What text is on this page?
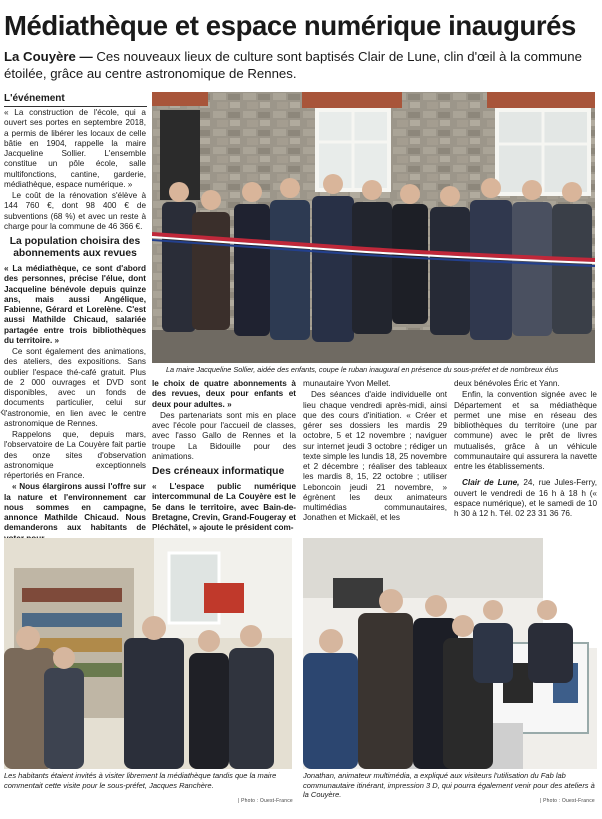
Médiathèque et espace numérique inaugurés
La Couyère — Ces nouveaux lieux de culture sont baptisés Clair de Lune, clin d'œil à la commune étoilée, grâce au centre astronomique de Rennes.
L'événement

« La construction de l'école, qui a ouvert ses portes en septembre 2018, a permis de libérer les locaux de celle bâtie en 1904, rappelle la maire Jacqueline Sollier. L'ensemble constitue un pôle école, salle multifonctions, cantine, garderie, médiathèque, espace numérique. »

Le coût de la rénovation s'élève à 144 760 €, dont 98 400 € de subventions (68 %) et avec un reste à charge pour la commune de 46 366 €.

La population choisira des abonnements aux revues

« La médiathèque, ce sont d'abord des personnes, précise l'élue, dont Jacqueline bénévole depuis quinze ans, mais aussi Angélique, Fabienne, Gérard et Lorelène. C'est aussi Mathilde Chicaud, salariée partagée entre trois bibliothèques du territoire. »

Ce sont également des animations, des ateliers, des expositions. Sans oublier l'espace thé-café gratuit. Plus de 2 000 ouvrages et DVD sont disponibles, avec un fonds de documents particulier, celui sur l'astronomie, en lien avec le centre astronomique de Rennes.

Rappelons que, depuis mars, l'observatoire de La Couyère fait partie des onze sites d'observation astronomique exceptionnels répertoriés en France.

« Nous élargirons aussi l'offre sur la nature et l'environnement car nous sommes en campagne, annonce Mathilde Chicaud. Nous demanderons aux habitants de

La maire Jacqueline Sollier, aidée des enfants, coupe le ruban inaugural en présence du sous-préfet et de nombreux élus

le choix de quatre abonnements à des revues, deux pour enfants et deux pour adultes. »

Des partenariats sont mis en place avec l'école pour l'accueil de classes, avec l'asso Gallo de Rennes et la troupe La Bidouille pour des animations.

Des créneaux informatique

« L'espace public numérique intercommunal de La Couyère est le 5e dans le territoire, avec Bain-de-Bretagne, Crevin, Grand-Fougeray et Pléchâtel, » ajoute le président com-

munautaire Yvon Mellet.

Des séances d'aide individuelle ont lieu chaque vendredi après-midi, ainsi que des cours d'initiation. « Créer et gérer ses dossiers les mardis 29 octobre, 5 et 12 novembre ; naviguer sur internet jeudi 3 octobre ; rédiger un texte simple les lundis 18, 25 novembre et 2 décembre ; réaliser des tableaux les mardis 8, 15, 22 octobre ; utiliser Leboncoin jeudi 21 novembre, » égrènent les deux animateurs multimédias communautaires, Jonathen et Mickaël, et les

deux bénévoles Éric et Yann.

Enfin, la convention signée avec le Département et sa médiathèque permet une mise en réseau des bibliothèques du territoire (une par commune) avec le prêt de livres mutualisés, grâce à un véhicule communautaire qui assurera la navette entre les établissements.

Clair de Lune, 24, rue Jules-Ferry, ouvert le vendredi de 16 h à 18 h (« espace numérique), et le samedi de 10 h 30 à 12 h. Tél. 02 23 31 36 76.

‹
Les habitants étaient invités à visiter librement la médiathèque tandis que la maire commentait cette visite pour le sous-préfet, Jacques Ranchère.
Jonathan, animateur multimédia, a expliqué aux visiteurs l'utilisation du Fab lab communautaire itinérant, impression 3 D, qui pourra également venir pour des ateliers à la Couyère.
| Photo : Ouest-France	| Photo : Ouest-France
